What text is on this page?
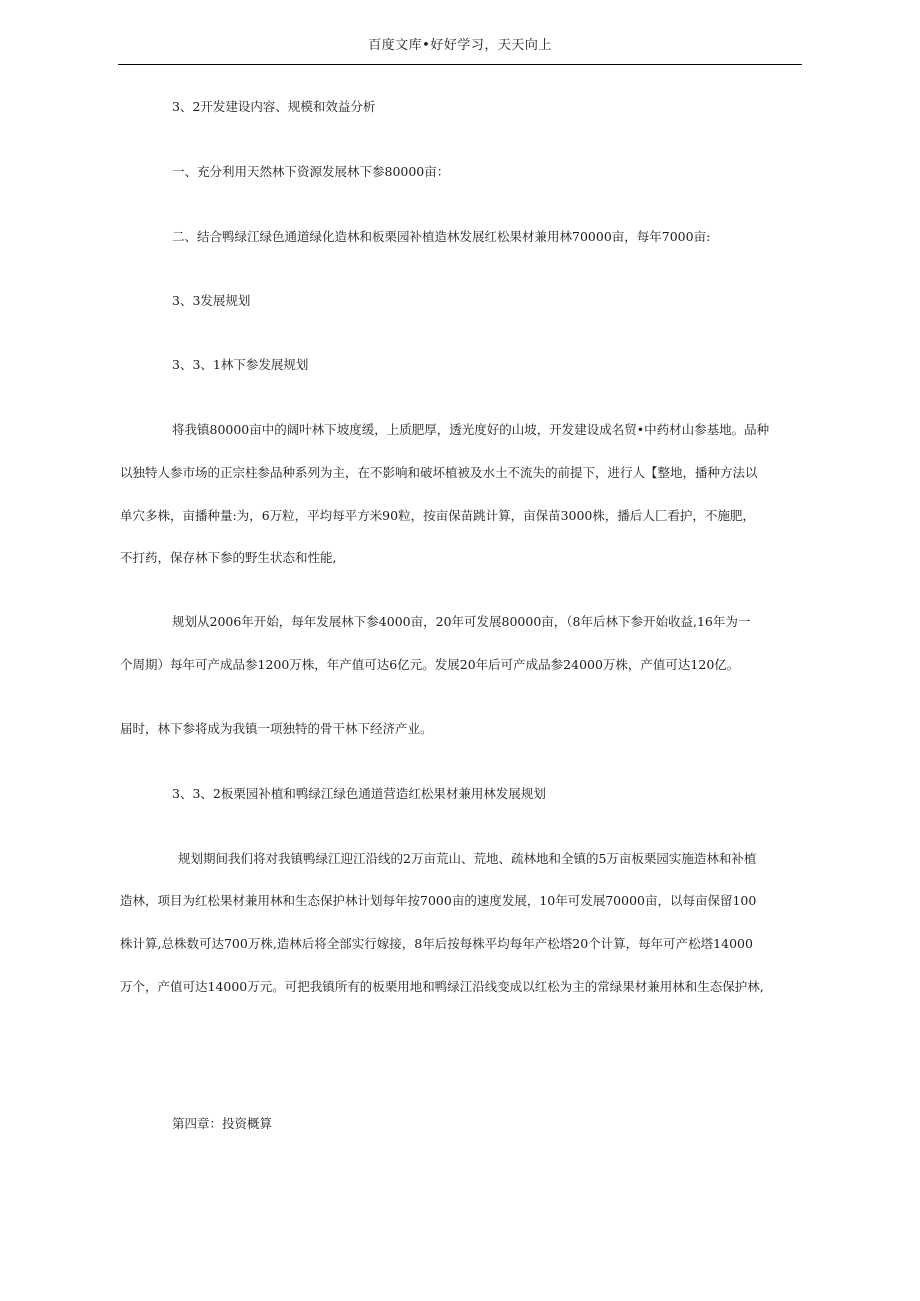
百度文库•好好学习，天天向上
3、2开发建设内容、规模和效益分析
一、充分利用天然林下资源发展林下参80000亩：
二、结合鸭绿江绿色通道绿化造林和板栗园补植造林发展红松果材兼用林70000亩，每年7000亩:
3、3发展规划
3、3、1林下参发展规划
将我镇80000亩中的阔叶林下坡度缓，上质肥厚，透光度好的山坡，开发建设成名贸•中药材山参基地。品种
以独特人参市场的正宗柱参品种系列为主，在不影响和破坏植被及水土不流失的前提下，进行人【整地，播种方法以
单穴多株，亩播种量:为，6万粒，平均每平方米90粒，按亩保苗跳计算，亩保苗3000株，播后人匚看护，不施肥，
不打药，保存林下参的野生状态和性能,
规划从2006年开始，每年发展林下参4000亩，20年可发展80000亩，（8年后林下参开始收益,16年为一
个周期）每年可产成品参1200万株，年产值可达6亿元。发展20年后可产成品参24000万株，产值可达120亿。
届时，林下参将成为我镇一项独特的骨干林下经济产业。
3、3、2板栗园补植和鸭绿江绿色通道营造红松果材兼用林发展规划
规划期间我们将对我镇鸭绿江迎江沿线的2万亩荒山、荒地、疏林地和全镇的5万亩板栗园实施造林和补植
造林，项目为红松果材兼用林和生态保护林计划每年按7000亩的速度发展，10年可发展70000亩，以每亩保留100
株计算,总株数可达700万株,造林后将全部实行嫁接，8年后按每株平均每年产松塔20个计算，每年可产松塔14000
万个，产值可达14000万元。可把我镇所有的板栗用地和鸭绿江沿线变成以红松为主的常绿果材兼用林和生态保护林,
第四章：投资概算
